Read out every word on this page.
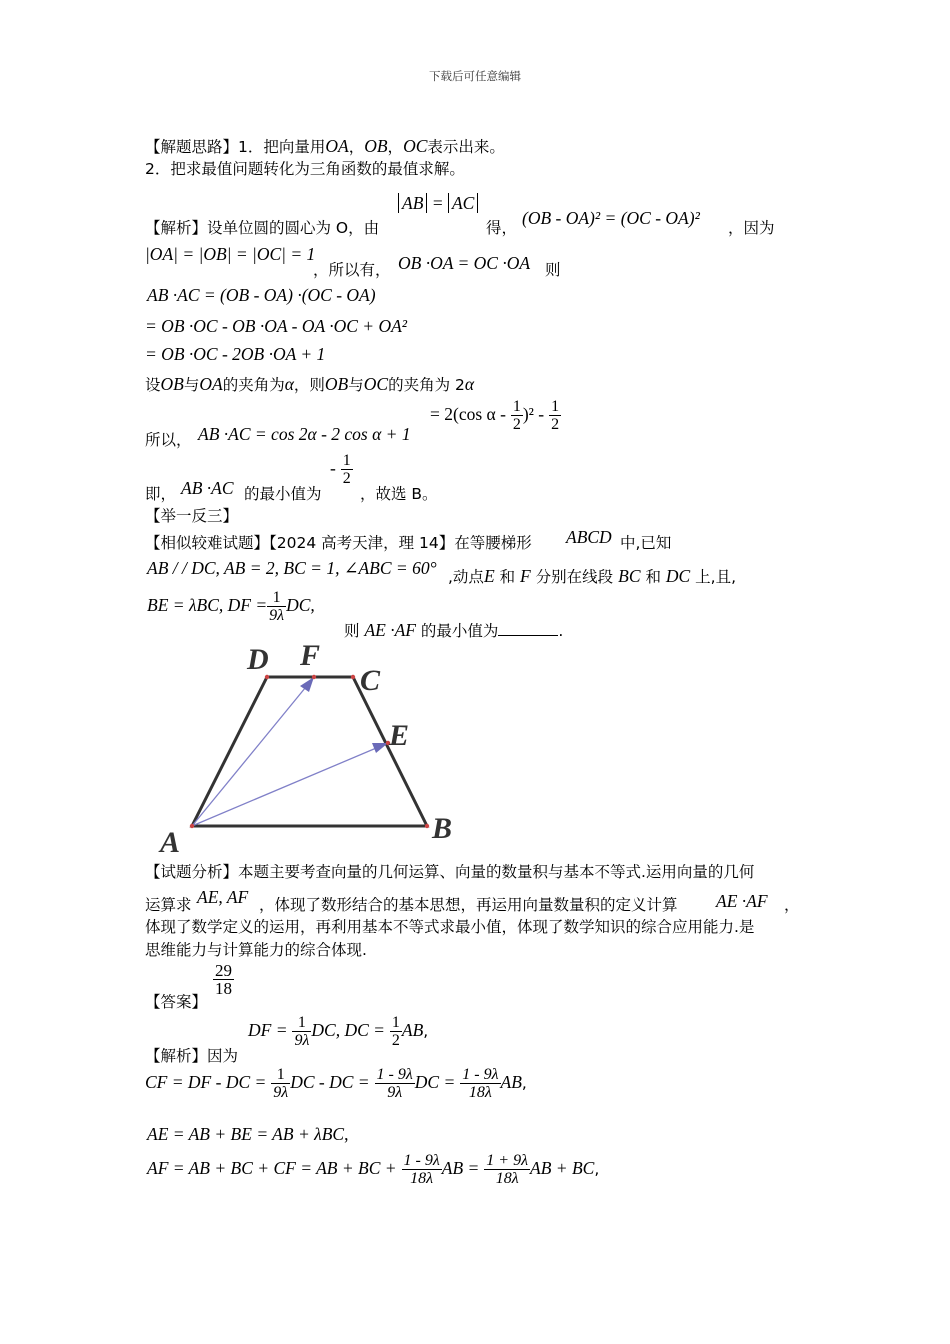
下载后可任意编辑
【解题思路】1．把向量用OA，OB，OC表示出来。
2．把求最值问题转化为三角函数的最值求解。
【解析】设单位圆的圆心为 O，由
AB = AC
得， (OB - OA)² = (OC - OA)² ，因为
|OA| = |OB| = |OC| = 1
，所以有， OB ·OA = OC ·OA 则
AB ·AC = (OB - OA) ·(OC - OA)
= OB ·OC - OB ·OA - OA ·OC + OA²
= OB ·OC - 2OB ·OA + 1
设OB与OA的夹角为α，则OB与OC的夹角为 2α
所以， AB ·AC = cos 2α - 2 cos α + 1
= 2(cos α - $\frac{1}{2} )^2 - \frac{1}{2}$
即， AB ·AC 的最小值为
- $\frac{1}{2}$
，故选 B。
【举一反三】
【相似较难试题】【2024 高考天津，理 14】在等腰梯形 ABCD 中,已知
AB / / DC, AB = 2, BC = 1, ∠ABC = 60° ,动点E 和 F 分别在线段 BC 和 DC 上,且,
BE = λBC, DF = $\frac{1}{9\lambda}$ DC,
则 AE ·AF 的最小值为	.
A	B
C
D F
E
【试题分析】本题主要考查向量的几何运算、向量的数量积与基本不等式.运用向量的几何
运算求 AE, AF ，体现了数形结合的基本思想，再运用向量数量积的定义计算 AE ·AF ，
体现了数学定义的运用，再利用基本不等式求最小值，体现了数学知识的综合应用能力.是
思维能力与计算能力的综合体现.
【答案】
$\frac{29}{18}$
【解析】因为
DF = $\frac{1}{9\lambda}$ DC, DC = $\frac{1}{2}$ AB,
CF = DF - DC = $\frac{1}{9\lambda}$ DC - DC = 1 - 9λ
9λ
DC = 1 - 9λ
18λ
AB,
AE = AB + BE = AB + λBC,
AF = AB + BC + CF = AB + BC + 1 - 9λ
18λ
AB = 1 + 9λ
18λ
AB + BC,
